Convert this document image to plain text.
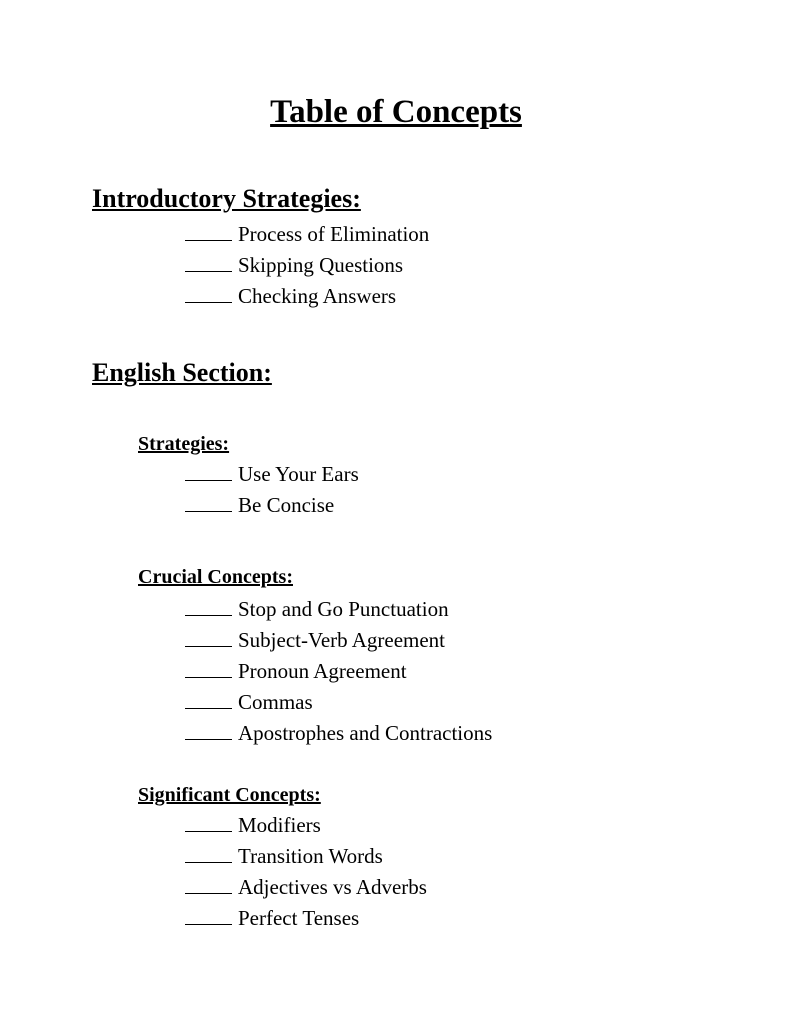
Table of Concepts
Introductory Strategies:
Process of Elimination
Skipping Questions
Checking Answers
English Section:
Strategies:
Use Your Ears
Be Concise
Crucial Concepts:
Stop and Go Punctuation
Subject-Verb Agreement
Pronoun Agreement
Commas
Apostrophes and Contractions
Significant Concepts:
Modifiers
Transition Words
Adjectives vs Adverbs
Perfect Tenses
